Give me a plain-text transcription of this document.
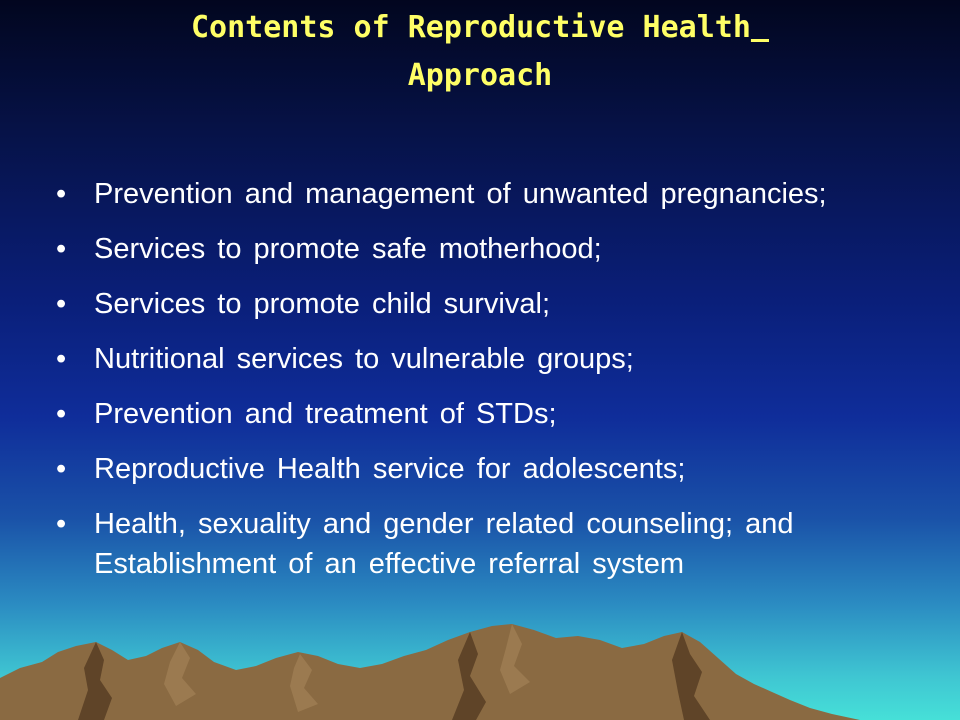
Contents of Reproductive Health
Approach
• Prevention and management of unwanted pregnancies;
• Services to promote safe motherhood;
• Services to promote child survival;
• Nutritional services to vulnerable groups;
• Prevention and treatment of STDs;
• Reproductive Health service for adolescents;
• Health, sexuality and gender related counseling; and Establishment of an effective referral system
